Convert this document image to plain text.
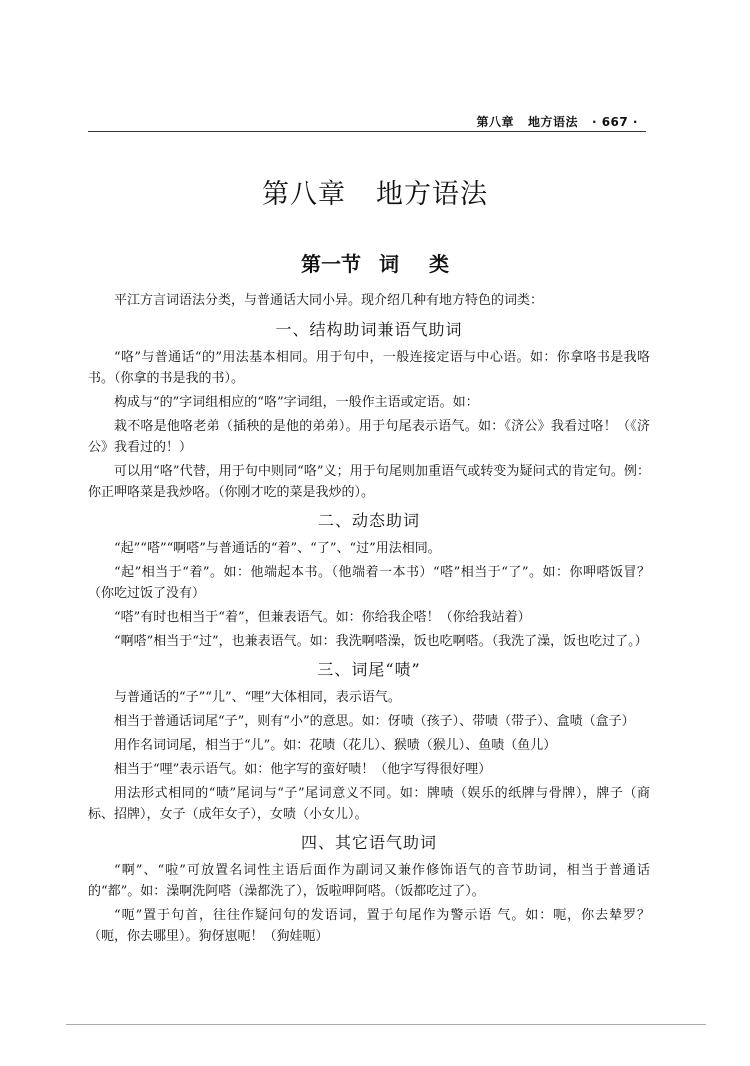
第八章 地方语法 · 667 ·
第八章 地方语法
第一节 词 类

平江方言词语法分类，与普通话大同小异。现介绍几种有地方特色的词类：

一、结构助词兼语气助词

“咯”与普通话“的”用法基本相同。用于句中，一般连接定语与中心语。如：你拿咯书是我咯书。（你拿的书是我的书）。

构成与“的”字词组相应的“咯”字词组，一般作主语或定语。如：

栽不咯是他咯老弟（插秧的是他的弟弟）。用于句尾表示语气。如：《济公》我看过咯！（《济公》我看过的！）

可以用“咯”代替，用于句中则同“咯”义；用于句尾则加重语气或转变为疑问式的肯定句。例：你正呷咯菜是我炒咯。（你刚才吃的菜是我炒的）。

二、动态助词

“起”“嗒”“啊嗒”与普通话的“着”、“了”、“过”用法相同。

“起”相当于“着”。如：他端起本书。（他端着一本书）“嗒”相当于“了”。如：你呷嗒饭冒？（你吃过饭了没有）

“嗒”有时也相当于“着”，但兼表语气。如：你给我企嗒！（你给我站着）

“啊嗒”相当于“过”，也兼表语气。如：我洗啊嗒澡，饭也吃啊嗒。（我洗了澡，饭也吃过了。）

三、词尾“啧”

与普通话的“子”“儿”、“哩”大体相同，表示语气。

相当于普通话词尾“子”，则有“小”的意思。如：伢啧（孩子）、带啧（带子）、盒啧（盒子）

用作名词词尾，相当于“儿”。如：花啧（花儿）、猴啧（猴儿）、鱼啧（鱼儿）

相当于“哩”表示语气。如：他字写的蛮好啧！（他字写得很好哩）

用法形式相同的“啧”尾词与“子”尾词意义不同。如：牌啧（娱乐的纸牌与骨牌），牌子（商标、招牌），女子（成年女子），女啧（小女儿）。

四、其它语气助词

“啊”、“啦”可放置名词性主语后面作为副词又兼作修饰语气的音节助词，相当于普通话的“都”。如：澡啊洗阿嗒（澡都洗了），饭啦呷阿嗒。（饭都吃过了）。

“呃”置于句首，往往作疑问句的发语词，置于句尾作为警示语 气。如：呃，你去辇罗？（呃，你去哪里）。狗伢崽呃！（狗娃呃）
